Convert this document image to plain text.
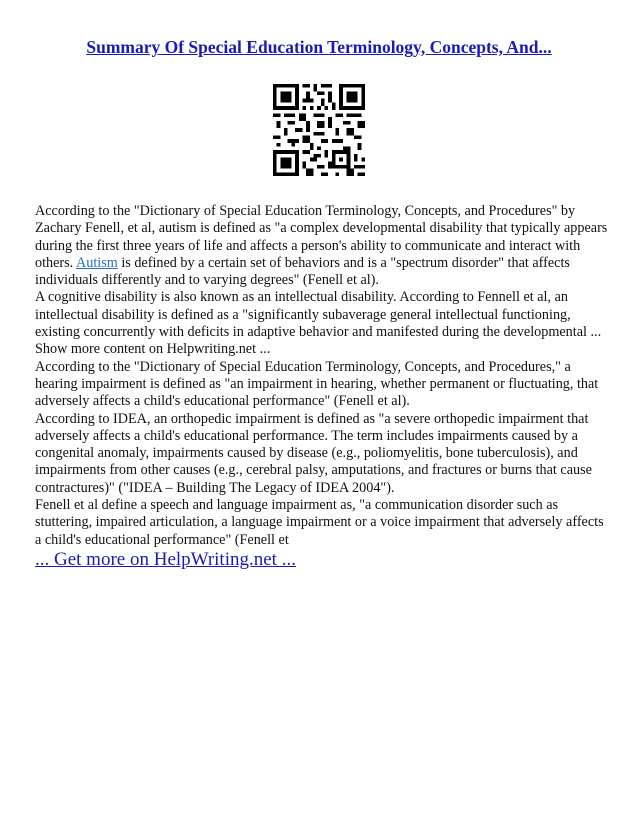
Summary Of Special Education Terminology, Concepts, And...

According to the "Dictionary of Special Education Terminology, Concepts, and Procedures" by Zachary Fenell, et al, autism is defined as "a complex developmental disability that typically appears during the first three years of life and affects a person's ability to communicate and interact with others. Autism is defined by a certain set of behaviors and is a "spectrum disorder" that affects individuals differently and to varying degrees" (Fenell et al).

A cognitive disability is also known as an intellectual disability. According to Fennell et al, an intellectual disability is defined as a "significantly subaverage general intellectual functioning, existing concurrently with deficits in adaptive behavior and manifested during the developmental ...

Show more content on Helpwriting.net ...

According to the "Dictionary of Special Education Terminology, Concepts, and Procedures," a hearing impairment is defined as "an impairment in hearing, whether permanent or fluctuating, that adversely affects a child's educational performance" (Fenell et al).

According to IDEA, an orthopedic impairment is defined as "a severe orthopedic impairment that adversely affects a child's educational performance. The term includes impairments caused by a congenital anomaly, impairments caused by disease (e.g., poliomyelitis, bone tuberculosis), and impairments from other causes (e.g., cerebral palsy, amputations, and fractures or burns that cause contractures)" ("IDEA – Building The Legacy of IDEA 2004").

Fenell et al define a speech and language impairment as, "a communication disorder such as stuttering, impaired articulation, a language impairment or a voice impairment that adversely affects a child's educational performance" (Fenell et

... Get more on HelpWriting.net ...
